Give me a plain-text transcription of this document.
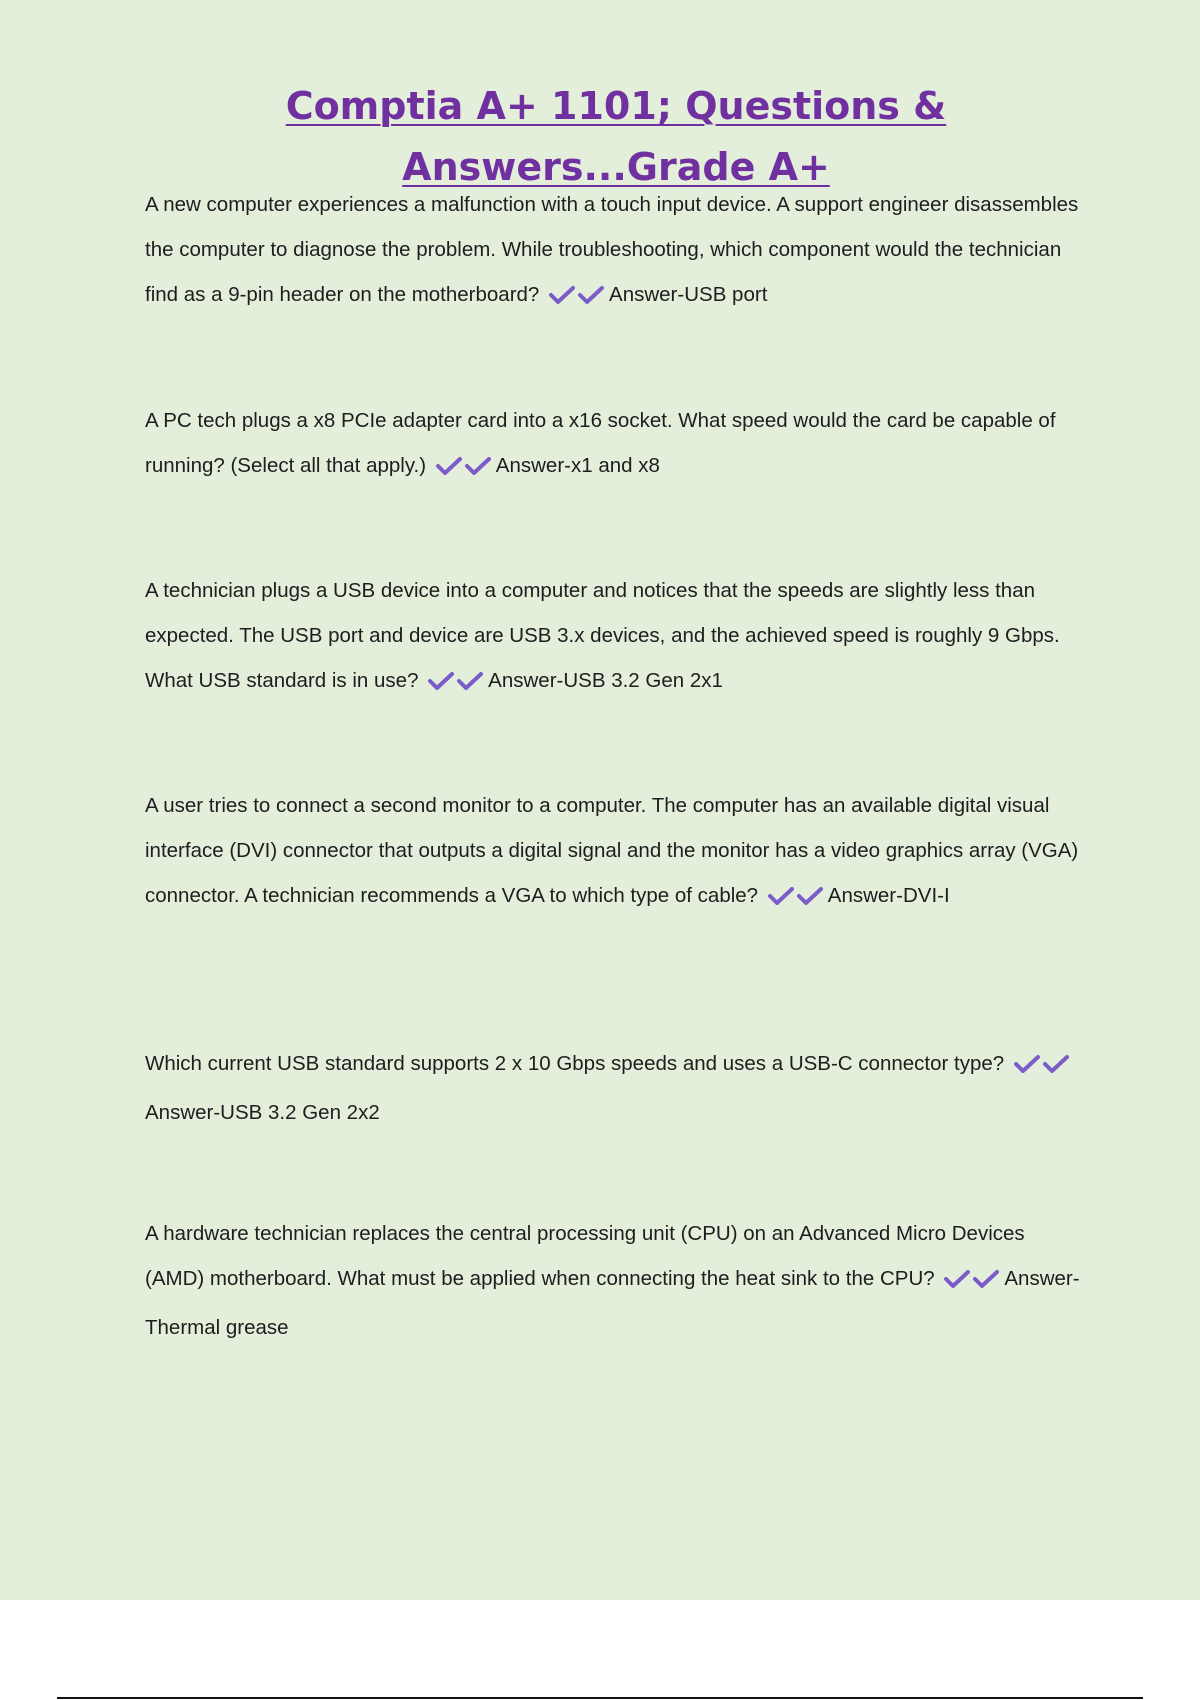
Comptia A+ 1101; Questions &
Answers...Grade A+
A new computer experiences a malfunction with a touch input device. A support engineer disassembles the computer to diagnose the problem. While troubleshooting, which component would the technician find as a 9-pin header on the motherboard?	Answer-USB port
A PC tech plugs a x8 PCIe adapter card into a x16 socket. What speed would the card be capable of running? (Select all that apply.)	Answer-x1 and x8
A technician plugs a USB device into a computer and notices that the speeds are slightly less than expected. The USB port and device are USB 3.x devices, and the achieved speed is roughly 9 Gbps. What USB standard is in use?	Answer-USB 3.2 Gen 2x1
A user tries to connect a second monitor to a computer. The computer has an available digital visual interface (DVI) connector that outputs a digital signal and the monitor has a video graphics array (VGA) connector. A technician recommends a VGA to which type of cable?	Answer-DVI-I
Which current USB standard supports 2 x 10 Gbps speeds and uses a USB-C connector type? Answer-USB 3.2 Gen 2x2
A hardware technician replaces the central processing unit (CPU) on an Advanced Micro Devices (AMD) motherboard. What must be applied when connecting the heat sink to the CPU?	Answer-Thermal grease
